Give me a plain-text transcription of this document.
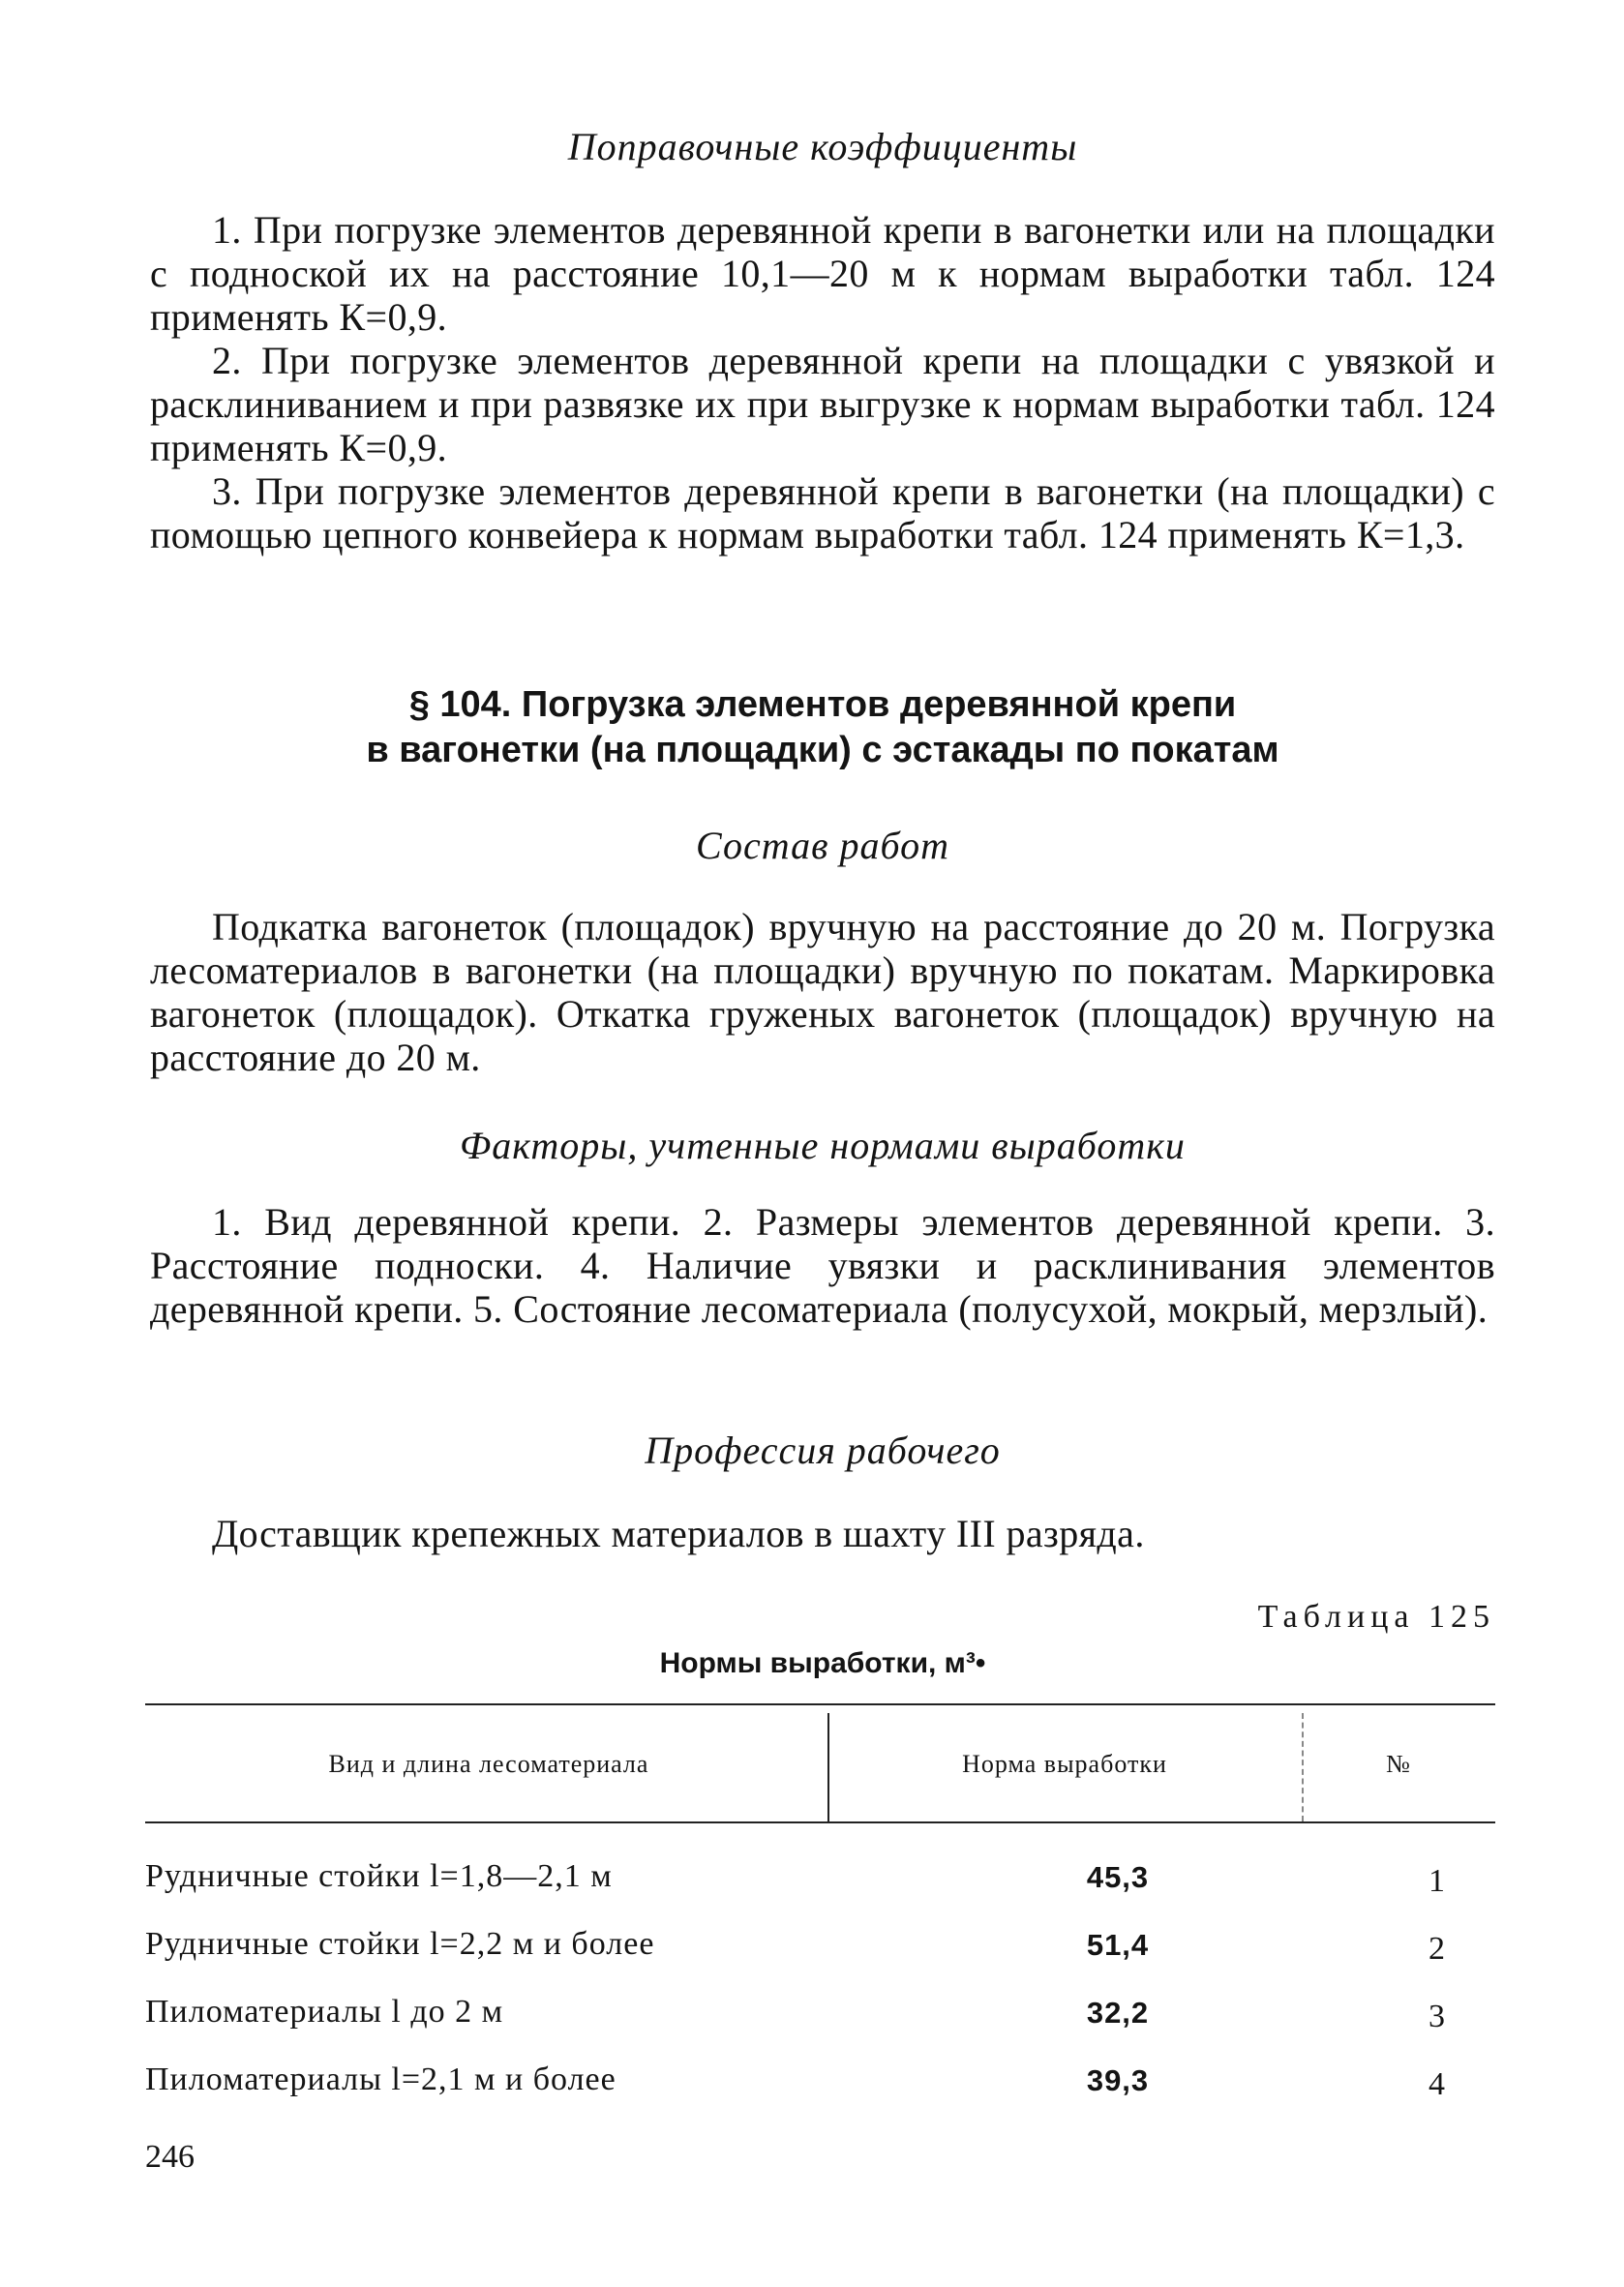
Поправочные коэффициенты

1. При погрузке элементов деревянной крепи в вагонетки или на площадки с подноской их на расстояние 10,1—20 м к нормам выработки табл. 124 применять К=0,9.

2. При погрузке элементов деревянной крепи на площадки с увязкой и расклиниванием и при развязке их при выгрузке к нормам выработки табл. 124 применять К=0,9.

3. При погрузке элементов деревянной крепи в вагонетки (на площадки) с помощью цепного конвейера к нормам выработки табл. 124 применять К=1,3.

§ 104. Погрузка элементов деревянной крепи

в вагонетки (на площадки) с эстакады по покатам

Состав работ

Подкатка вагонеток (площадок) вручную на расстояние до 20 м. Погрузка лесоматериалов в вагонетки (на площадки) вручную по покатам. Маркировка вагонеток (площадок). Откатка груженых вагонеток (площадок) вручную на расстояние до 20 м.

Факторы, учтенные нормами выработки

1. Вид деревянной крепи. 2. Размеры элементов деревянной крепи. 3. Расстояние подноски. 4. Наличие увязки и расклинивания элементов деревянной крепи. 5. Состояние лесоматериала (полусухой, мокрый, мерзлый).

Профессия рабочего

Доставщик крепежных материалов в шахту III разряда.

Таблица 125
Нормы выработки, м³•
Вид и длина лесоматериала	Норма выработки	№
Рудничные стойки l=1,8—2,1 м	45,3	1
Рудничные стойки l=2,2 м и более	51,4	2
Пиломатериалы l до 2 м	32,2	3
Пиломатериалы l=2,1 м и более	39,3	4
246
